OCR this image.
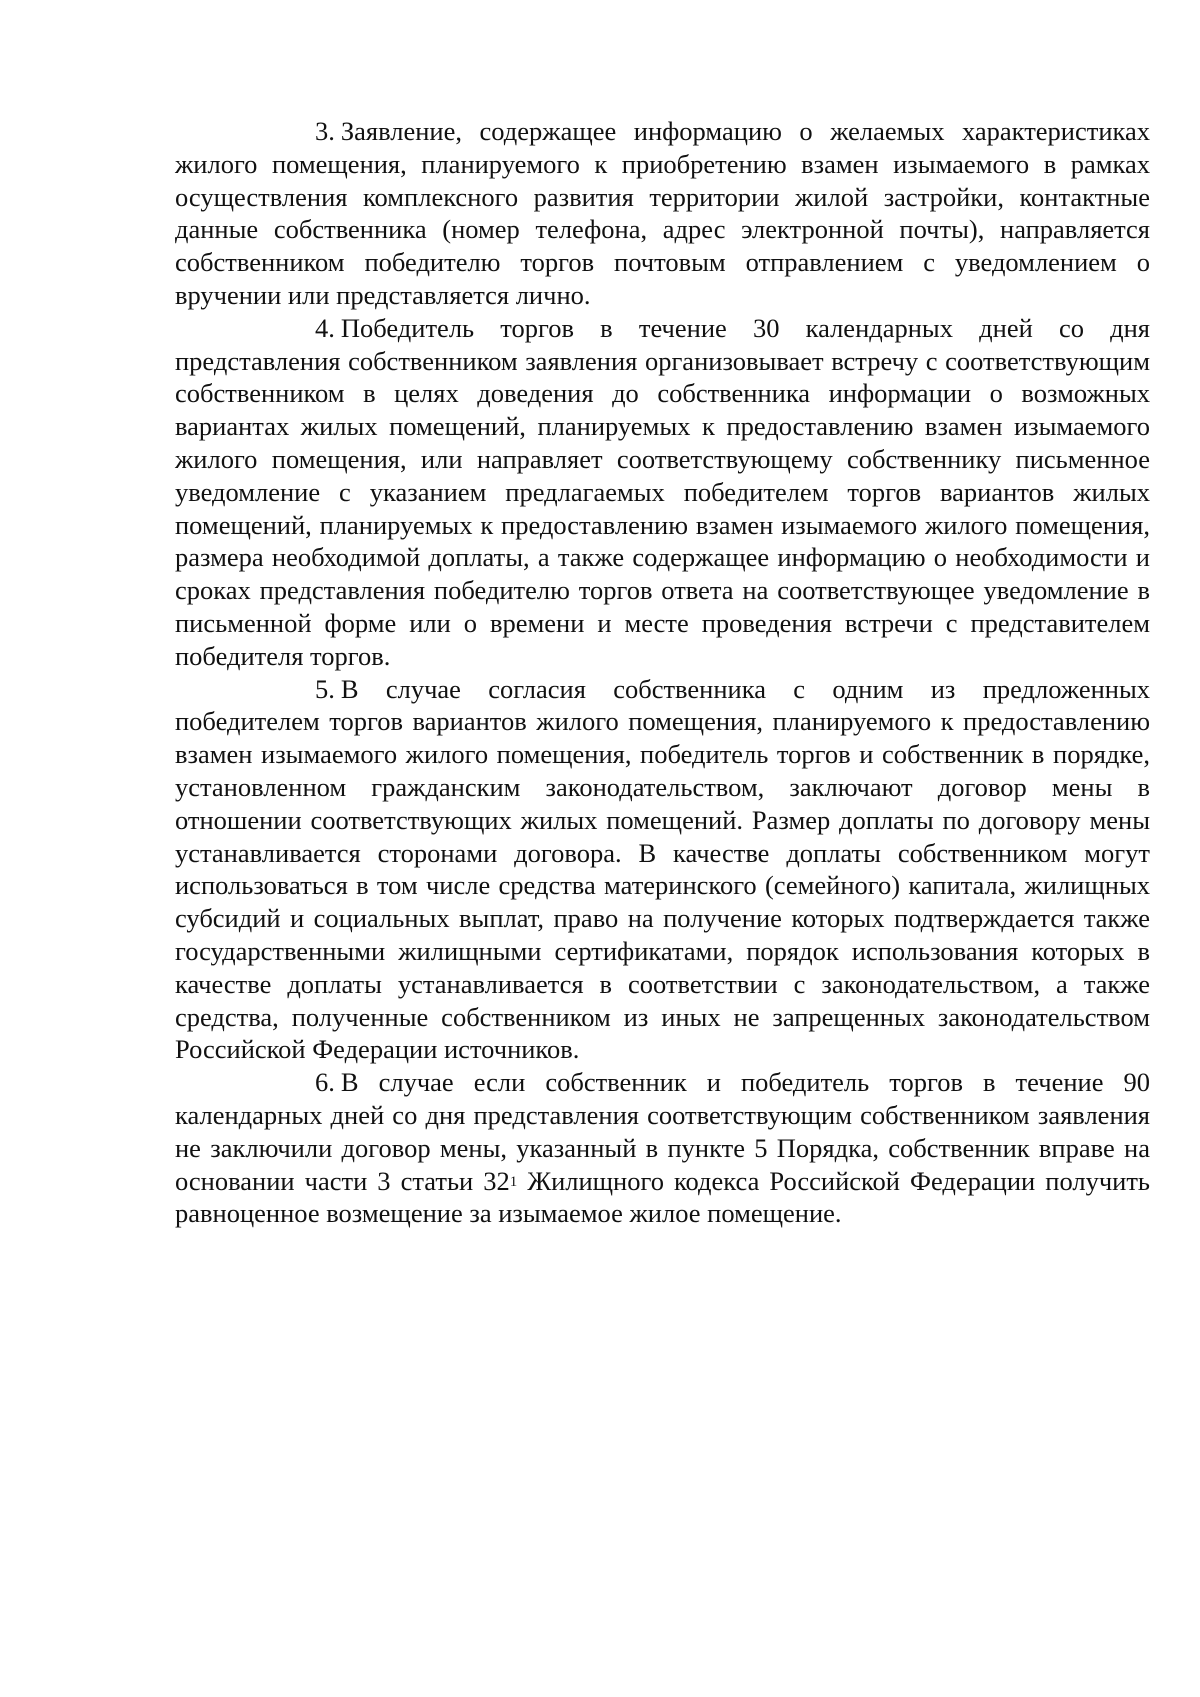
3. Заявление, содержащее информацию о желаемых характеристиках жилого помещения, планируемого к приобретению взамен изымаемого в рамках осуществления комплексного развития территории жилой застройки, контактные данные собственника (номер телефона, адрес электронной почты), направляется собственником победителю торгов почтовым отправлением с уведомлением о вручении или представляется лично.

4. Победитель торгов в течение 30 календарных дней со дня представления собственником заявления организовывает встречу с соответствующим собственником в целях доведения до собственника информации о возможных вариантах жилых помещений, планируемых к предоставлению взамен изымаемого жилого помещения, или направляет соответствующему собственнику письменное уведомление с указанием предлагаемых победителем торгов вариантов жилых помещений, планируемых к предоставлению взамен изымаемого жилого помещения, размера необходимой доплаты, а также содержащее информацию о необходимости и сроках представления победителю торгов ответа на соответствующее уведомление в письменной форме или о времени и месте проведения встречи с представителем победителя торгов.

5. В случае согласия собственника с одним из предложенных победителем торгов вариантов жилого помещения, планируемого к предоставлению взамен изымаемого жилого помещения, победитель торгов и собственник в порядке, установленном гражданским законодательством, заключают договор мены в отношении соответствующих жилых помещений. Размер доплаты по договору мены устанавливается сторонами договора. В качестве доплаты собственником могут использоваться в том числе средства материнского (семейного) капитала, жилищных субсидий и социальных выплат, право на получение которых подтверждается также государственными жилищными сертификатами, порядок использования которых в качестве доплаты устанавливается в соответствии с законодательством, а также средства, полученные собственником из иных не запрещенных законодательством Российской Федерации источников.

6. В случае если собственник и победитель торгов в течение 90 календарных дней со дня представления соответствующим собственником заявления не заключили договор мены, указанный в пункте 5 Порядка, собственник вправе на основании части 3 статьи $32^1$ Жилищного кодекса Российской Федерации получить равноценное возмещение за изымаемое жилое помещение.
